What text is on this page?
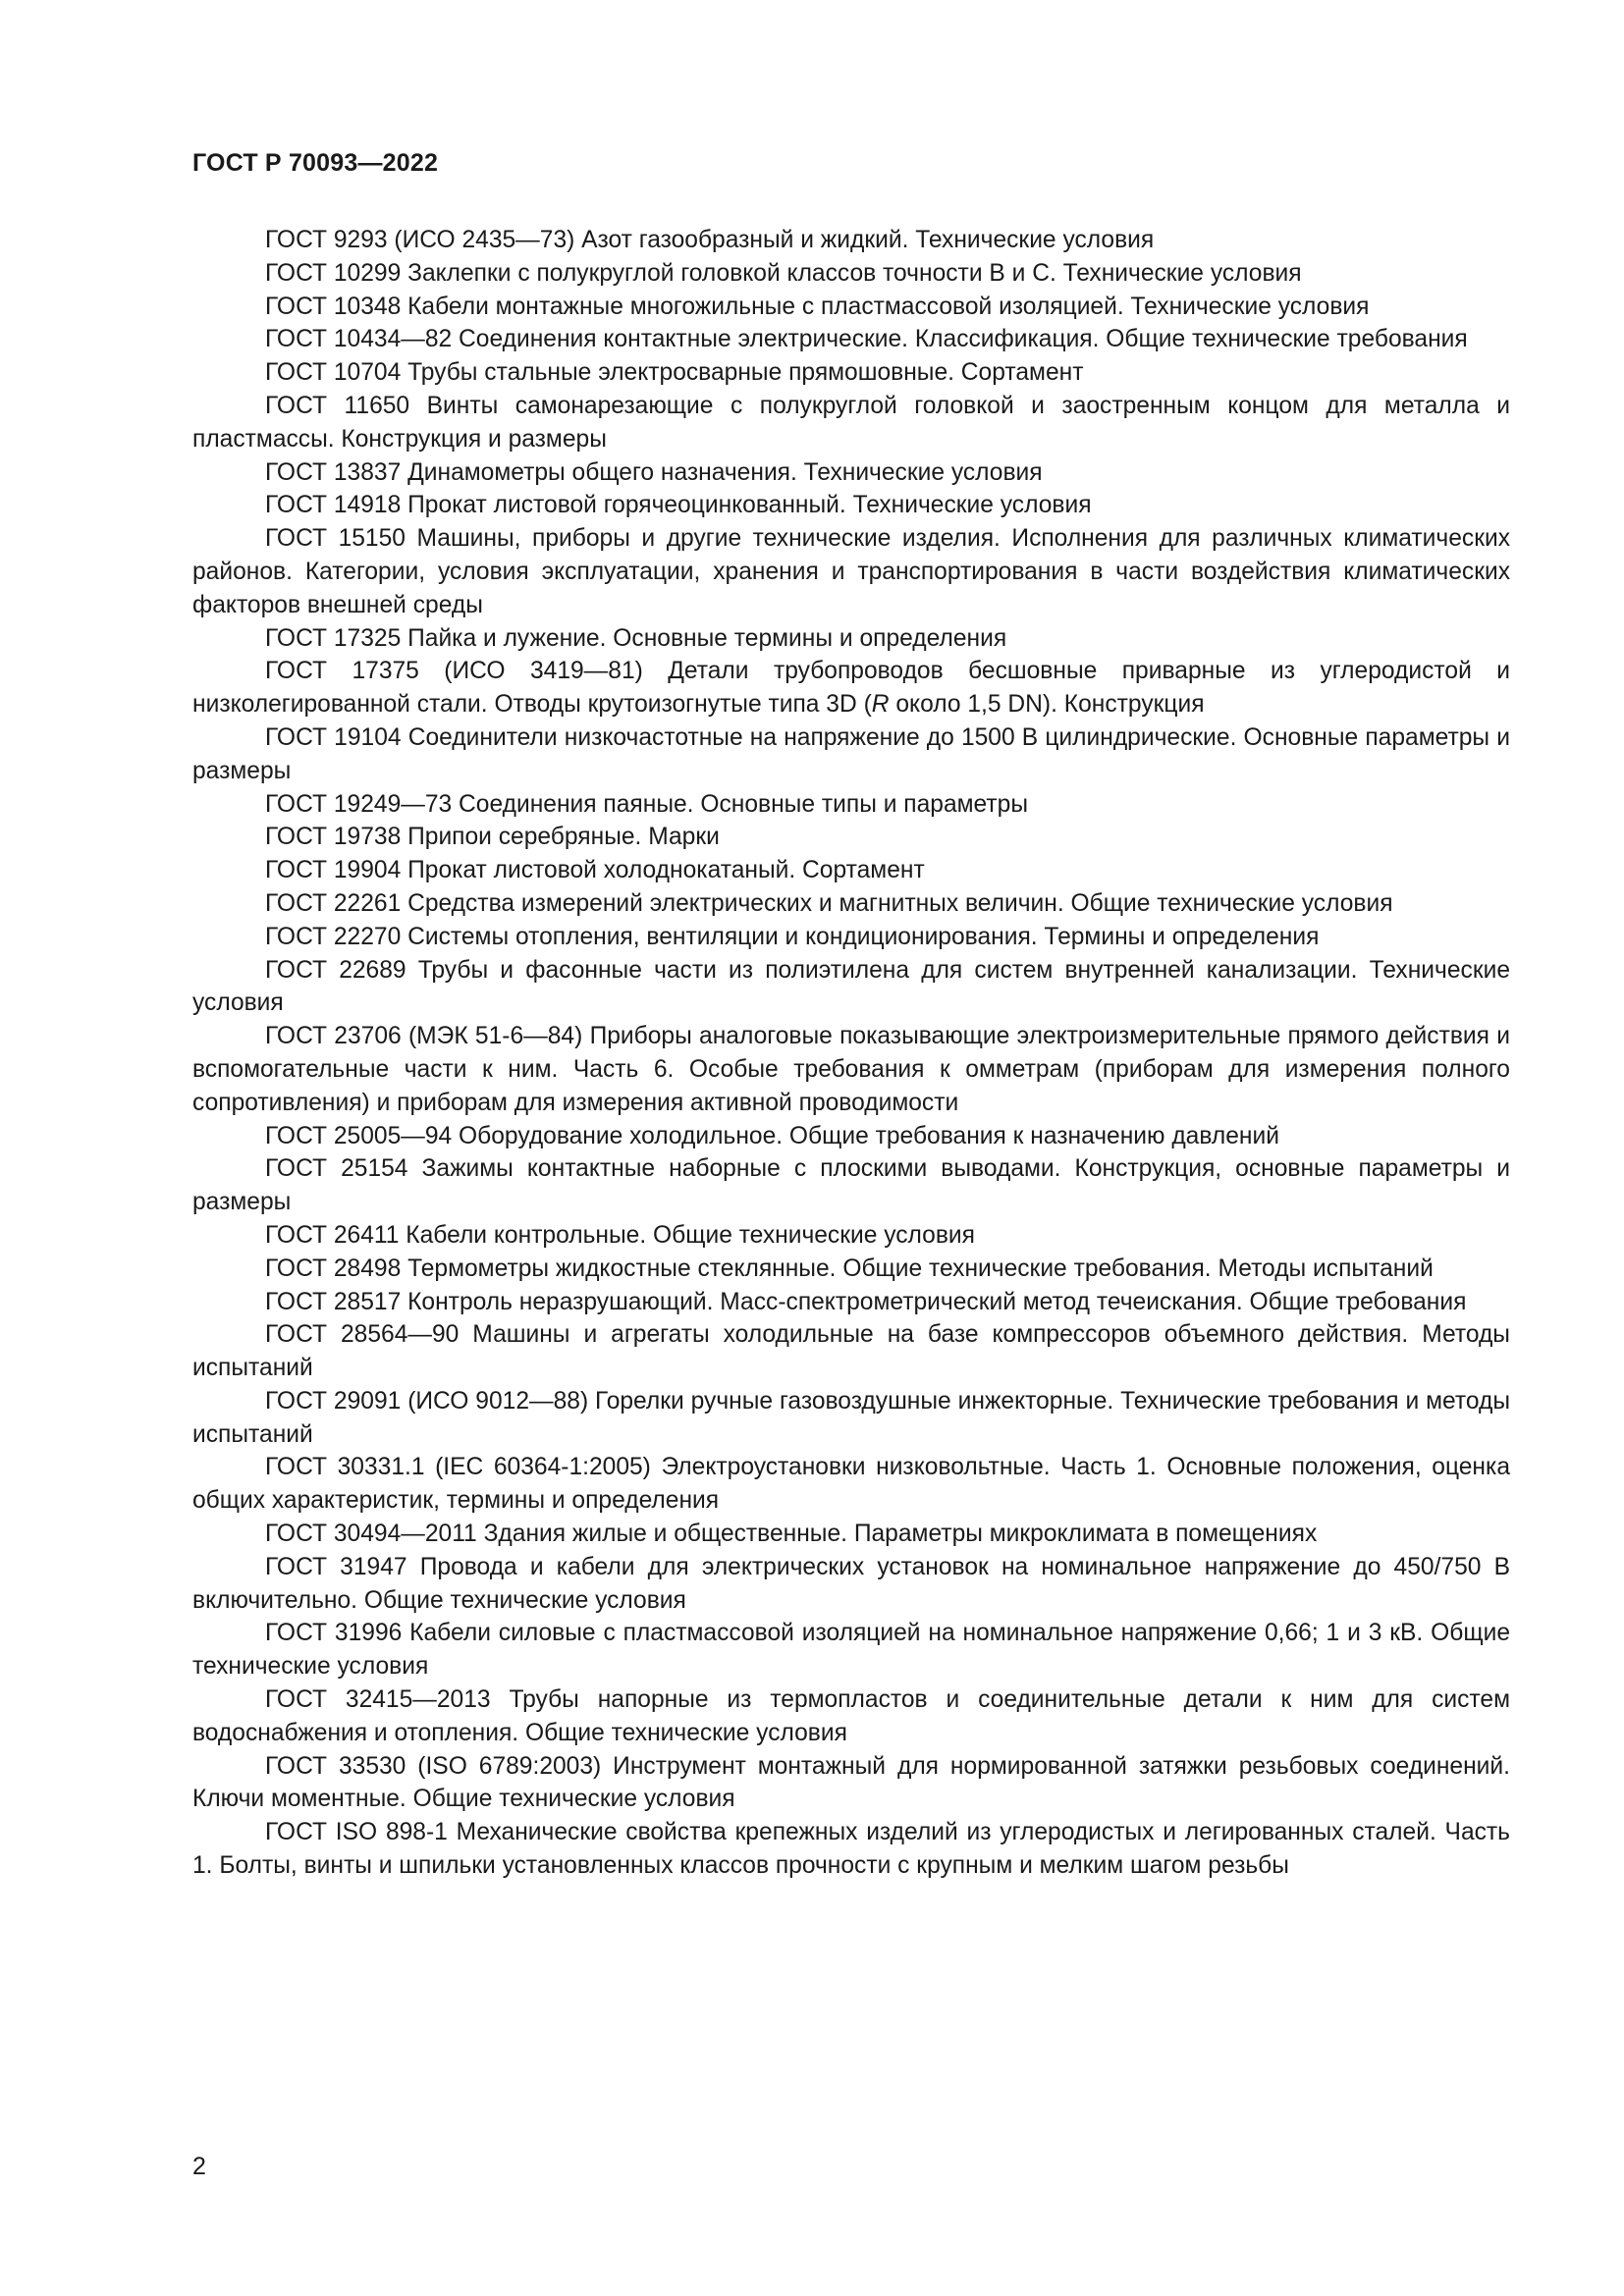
ГОСТ Р 70093—2022
ГОСТ 9293 (ИСО 2435—73) Азот газообразный и жидкий. Технические условия
ГОСТ 10299 Заклепки с полукруглой головкой классов точности В и С. Технические условия
ГОСТ 10348 Кабели монтажные многожильные с пластмассовой изоляцией. Технические условия
ГОСТ 10434—82 Соединения контактные электрические. Классификация. Общие технические требования
ГОСТ 10704 Трубы стальные электросварные прямошовные. Сортамент
ГОСТ 11650 Винты самонарезающие с полукруглой головкой и заостренным концом для металла и пластмассы. Конструкция и размеры
ГОСТ 13837 Динамометры общего назначения. Технические условия
ГОСТ 14918 Прокат листовой горячеоцинкованный. Технические условия
ГОСТ 15150 Машины, приборы и другие технические изделия. Исполнения для различных климатических районов. Категории, условия эксплуатации, хранения и транспортирования в части воздействия климатических факторов внешней среды
ГОСТ 17325 Пайка и лужение. Основные термины и определения
ГОСТ 17375 (ИСО 3419—81) Детали трубопроводов бесшовные приварные из углеродистой и низколегированной стали. Отводы крутоизогнутые типа 3D (R около 1,5 DN). Конструкция
ГОСТ 19104 Соединители низкочастотные на напряжение до 1500 В цилиндрические. Основные параметры и размеры
ГОСТ 19249—73 Соединения паяные. Основные типы и параметры
ГОСТ 19738 Припои серебряные. Марки
ГОСТ 19904 Прокат листовой холоднокатаный. Сортамент
ГОСТ 22261 Средства измерений электрических и магнитных величин. Общие технические условия
ГОСТ 22270 Системы отопления, вентиляции и кондиционирования. Термины и определения
ГОСТ 22689 Трубы и фасонные части из полиэтилена для систем внутренней канализации. Технические условия
ГОСТ 23706 (МЭК 51-6—84) Приборы аналоговые показывающие электроизмерительные прямого действия и вспомогательные части к ним. Часть 6. Особые требования к омметрам (приборам для измерения полного сопротивления) и приборам для измерения активной проводимости
ГОСТ 25005—94 Оборудование холодильное. Общие требования к назначению давлений
ГОСТ 25154 Зажимы контактные наборные с плоскими выводами. Конструкция, основные параметры и размеры
ГОСТ 26411 Кабели контрольные. Общие технические условия
ГОСТ 28498 Термометры жидкостные стеклянные. Общие технические требования. Методы испытаний
ГОСТ 28517 Контроль неразрушающий. Масс-спектрометрический метод течеискания. Общие требования
ГОСТ 28564—90 Машины и агрегаты холодильные на базе компрессоров объемного действия. Методы испытаний
ГОСТ 29091 (ИСО 9012—88) Горелки ручные газовоздушные инжекторные. Технические требования и методы испытаний
ГОСТ 30331.1 (IEC 60364-1:2005) Электроустановки низковольтные. Часть 1. Основные положения, оценка общих характеристик, термины и определения
ГОСТ 30494—2011 Здания жилые и общественные. Параметры микроклимата в помещениях
ГОСТ 31947 Провода и кабели для электрических установок на номинальное напряжение до 450/750 В включительно. Общие технические условия
ГОСТ 31996 Кабели силовые с пластмассовой изоляцией на номинальное напряжение 0,66; 1 и 3 кВ. Общие технические условия
ГОСТ 32415—2013 Трубы напорные из термопластов и соединительные детали к ним для систем водоснабжения и отопления. Общие технические условия
ГОСТ 33530 (ISO 6789:2003) Инструмент монтажный для нормированной затяжки резьбовых соединений. Ключи моментные. Общие технические условия
ГОСТ ISO 898-1 Механические свойства крепежных изделий из углеродистых и легированных сталей. Часть 1. Болты, винты и шпильки установленных классов прочности с крупным и мелким шагом резьбы
2
